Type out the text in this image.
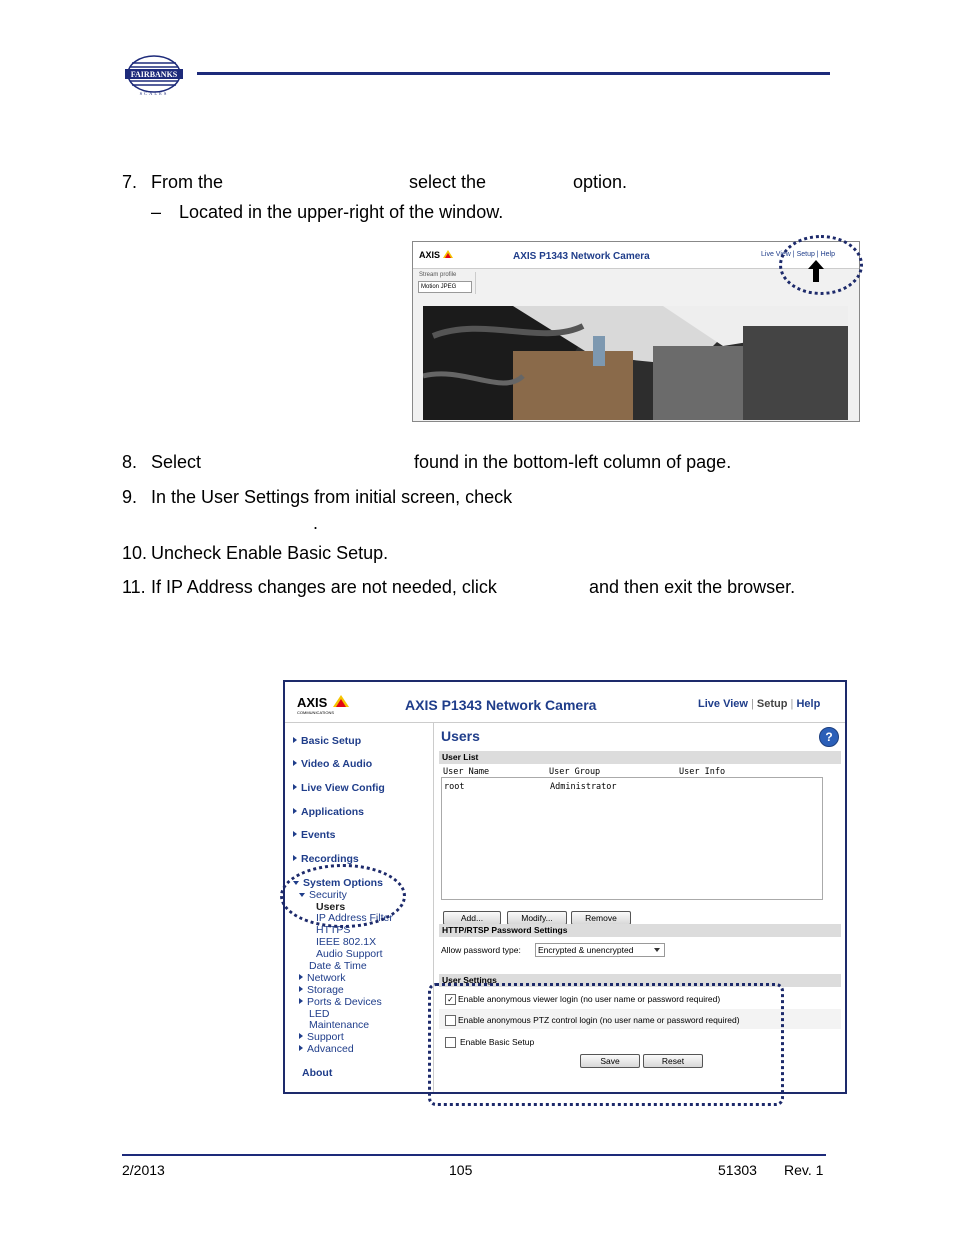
FAIRBANKS
SCALES
7. From the	select the	option.
– Located in the upper-right of the window.
AXIS	AXIS P1343 Network Camera	Live View | Setup | Help
Stream profile
Motion JPEG
8. Select	found in the bottom-left column of page.
9. In the User Settings from initial screen, check
.
10. Uncheck Enable Basic Setup.
11. If IP Address changes are not needed, click	and then exit the browser.
AXIS
COMMUNICATIONS	AXIS P1343 Network Camera	Live View | Setup | Help
Basic Setup
Video & Audio
Live View Config
Applications
Events
Recordings
System Options
Security
Users
IP Address Filter
HTTPS
IEEE 802.1X
Audio Support
Date & Time
Network
Storage
Ports & Devices
LED
Maintenance
Support
Advanced
About
Users	?
User List
User Name	User Group	User Info
root	Administrator
Add...	Modify...	Remove
HTTP/RTSP Password Settings
Allow password type:	Encrypted & unencrypted
User Settings
✓ Enable anonymous viewer login (no user name or password required)
Enable anonymous PTZ control login (no user name or password required)
Enable Basic Setup
Save	Reset
2/2013	105	51303 Rev. 1
